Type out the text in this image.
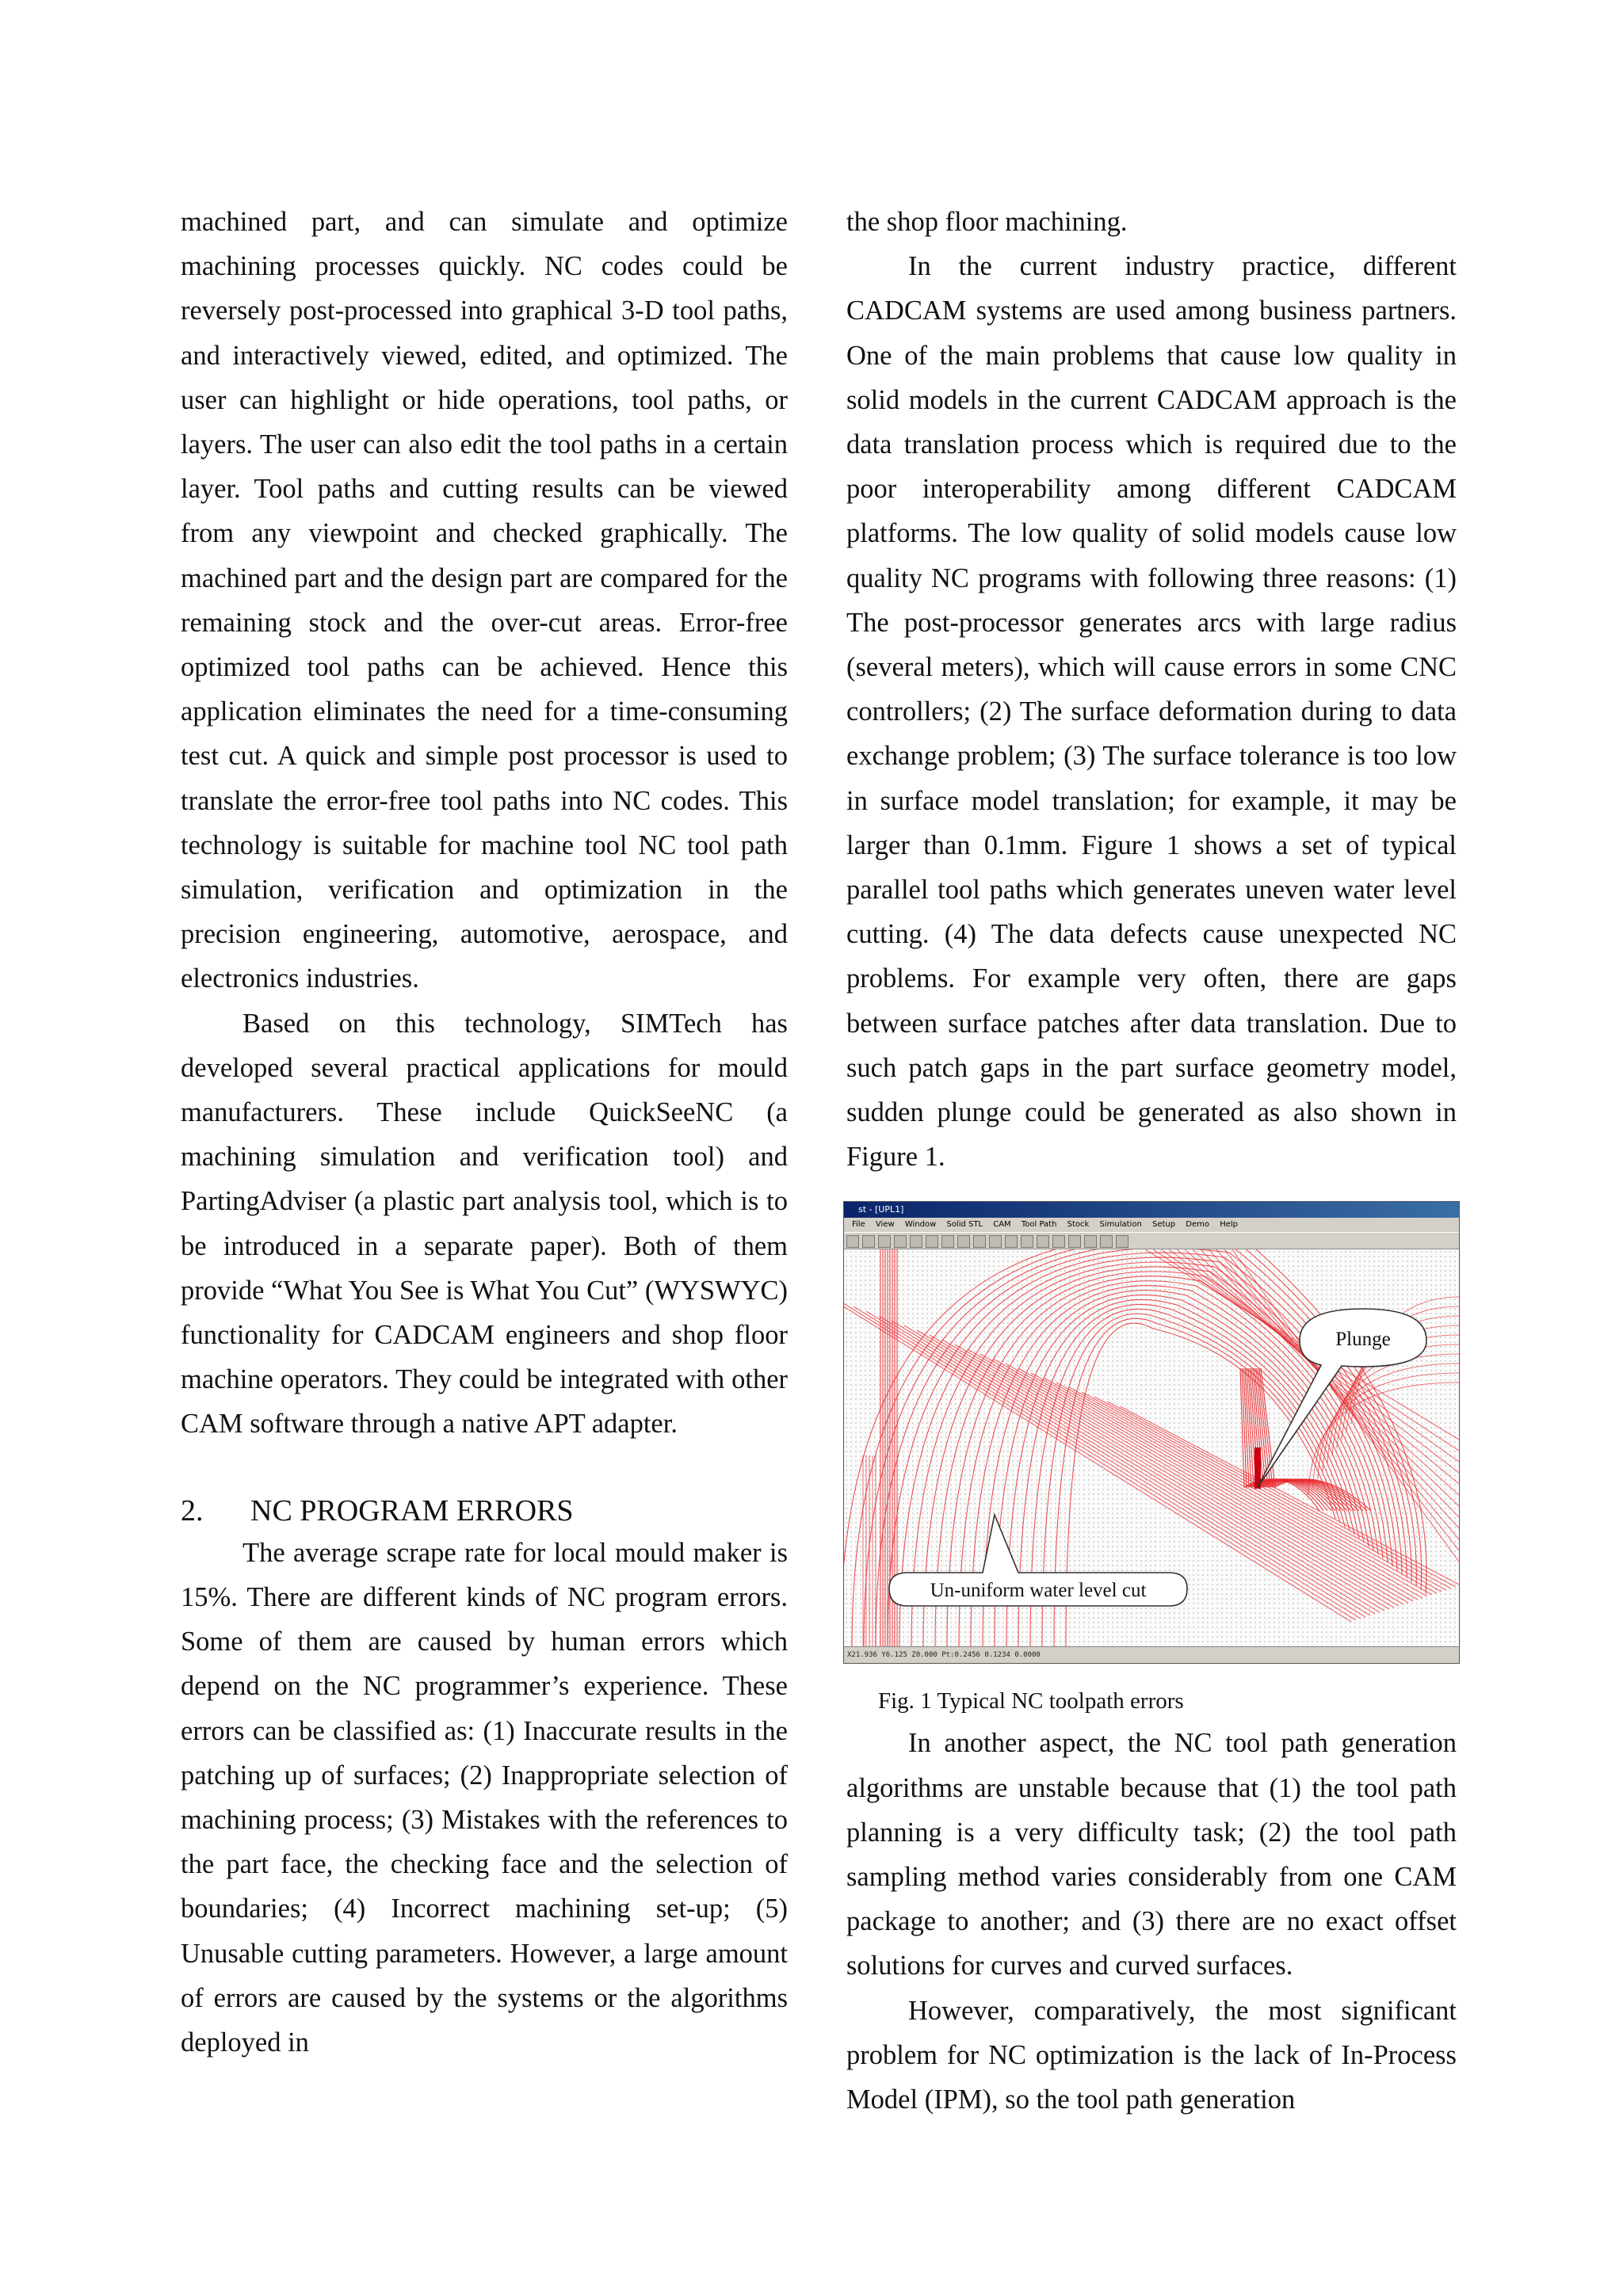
machined part, and can simulate and optimize machining processes quickly. NC codes could be reversely post-processed into graphical 3-D tool paths, and interactively viewed, edited, and optimized. The user can highlight or hide operations, tool paths, or layers. The user can also edit the tool paths in a certain layer. Tool paths and cutting results can be viewed from any viewpoint and checked graphically. The machined part and the design part are compared for the remaining stock and the over-cut areas. Error-free optimized tool paths can be achieved. Hence this application eliminates the need for a time-consuming test cut. A quick and simple post processor is used to translate the error-free tool paths into NC codes. This technology is suitable for machine tool NC tool path simulation, verification and optimization in the precision engineering, automotive, aerospace, and electronics industries.

Based on this technology, SIMTech has developed several practical applications for mould manufacturers. These include QuickSeeNC (a machining simulation and verification tool) and PartingAdviser (a plastic part analysis tool, which is to be introduced in a separate paper). Both of them provide “What You See is What You Cut” (WYSWYC) functionality for CADCAM engineers and shop floor machine operators. They could be integrated with other CAM software through a native APT adapter.

2. NC PROGRAM ERRORS

The average scrape rate for local mould maker is 15%. There are different kinds of NC program errors. Some of them are caused by human errors which depend on the NC programmer’s experience. These errors can be classified as: (1) Inaccurate results in the patching up of surfaces; (2) Inappropriate selection of machining process; (3) Mistakes with the references to the part face, the checking face and the selection of boundaries; (4) Incorrect machining set-up; (5) Unusable cutting parameters. However, a large amount of errors are caused by the systems or the algorithms deployed in

the shop floor machining.

In the current industry practice, different CADCAM systems are used among business partners. One of the main problems that cause low quality in solid models in the current CADCAM approach is the data translation process which is required due to the poor interoperability among different CADCAM platforms. The low quality of solid models cause low quality NC programs with following three reasons: (1) The post-processor generates arcs with large radius (several meters), which will cause errors in some CNC controllers; (2) The surface deformation during to data exchange problem; (3) The surface tolerance is too low in surface model translation; for example, it may be larger than 0.1mm. Figure 1 shows a set of typical parallel tool paths which generates uneven water level cutting. (4) The data defects cause unexpected NC problems. For example very often, there are gaps between surface patches after data translation. Due to such patch gaps in the part surface geometry model, sudden plunge could be generated as also shown in Figure 1.

st - [UPL1]
File View Window Solid STL CAM Tool Path Stock Simulation Setup Demo Help
Plunge
Un-uniform water level cut
X21.936 Y6.125 Z0.000 Pt:0.2456 0.1234 0.0000

Fig. 1 Typical NC toolpath errors

In another aspect, the NC tool path generation algorithms are unstable because that (1) the tool path planning is a very difficulty task; (2) the tool path sampling method varies considerably from one CAM package to another; and (3) there are no exact offset solutions for curves and curved surfaces.

However, comparatively, the most significant problem for NC optimization is the lack of In-Process Model (IPM), so the tool path generation
